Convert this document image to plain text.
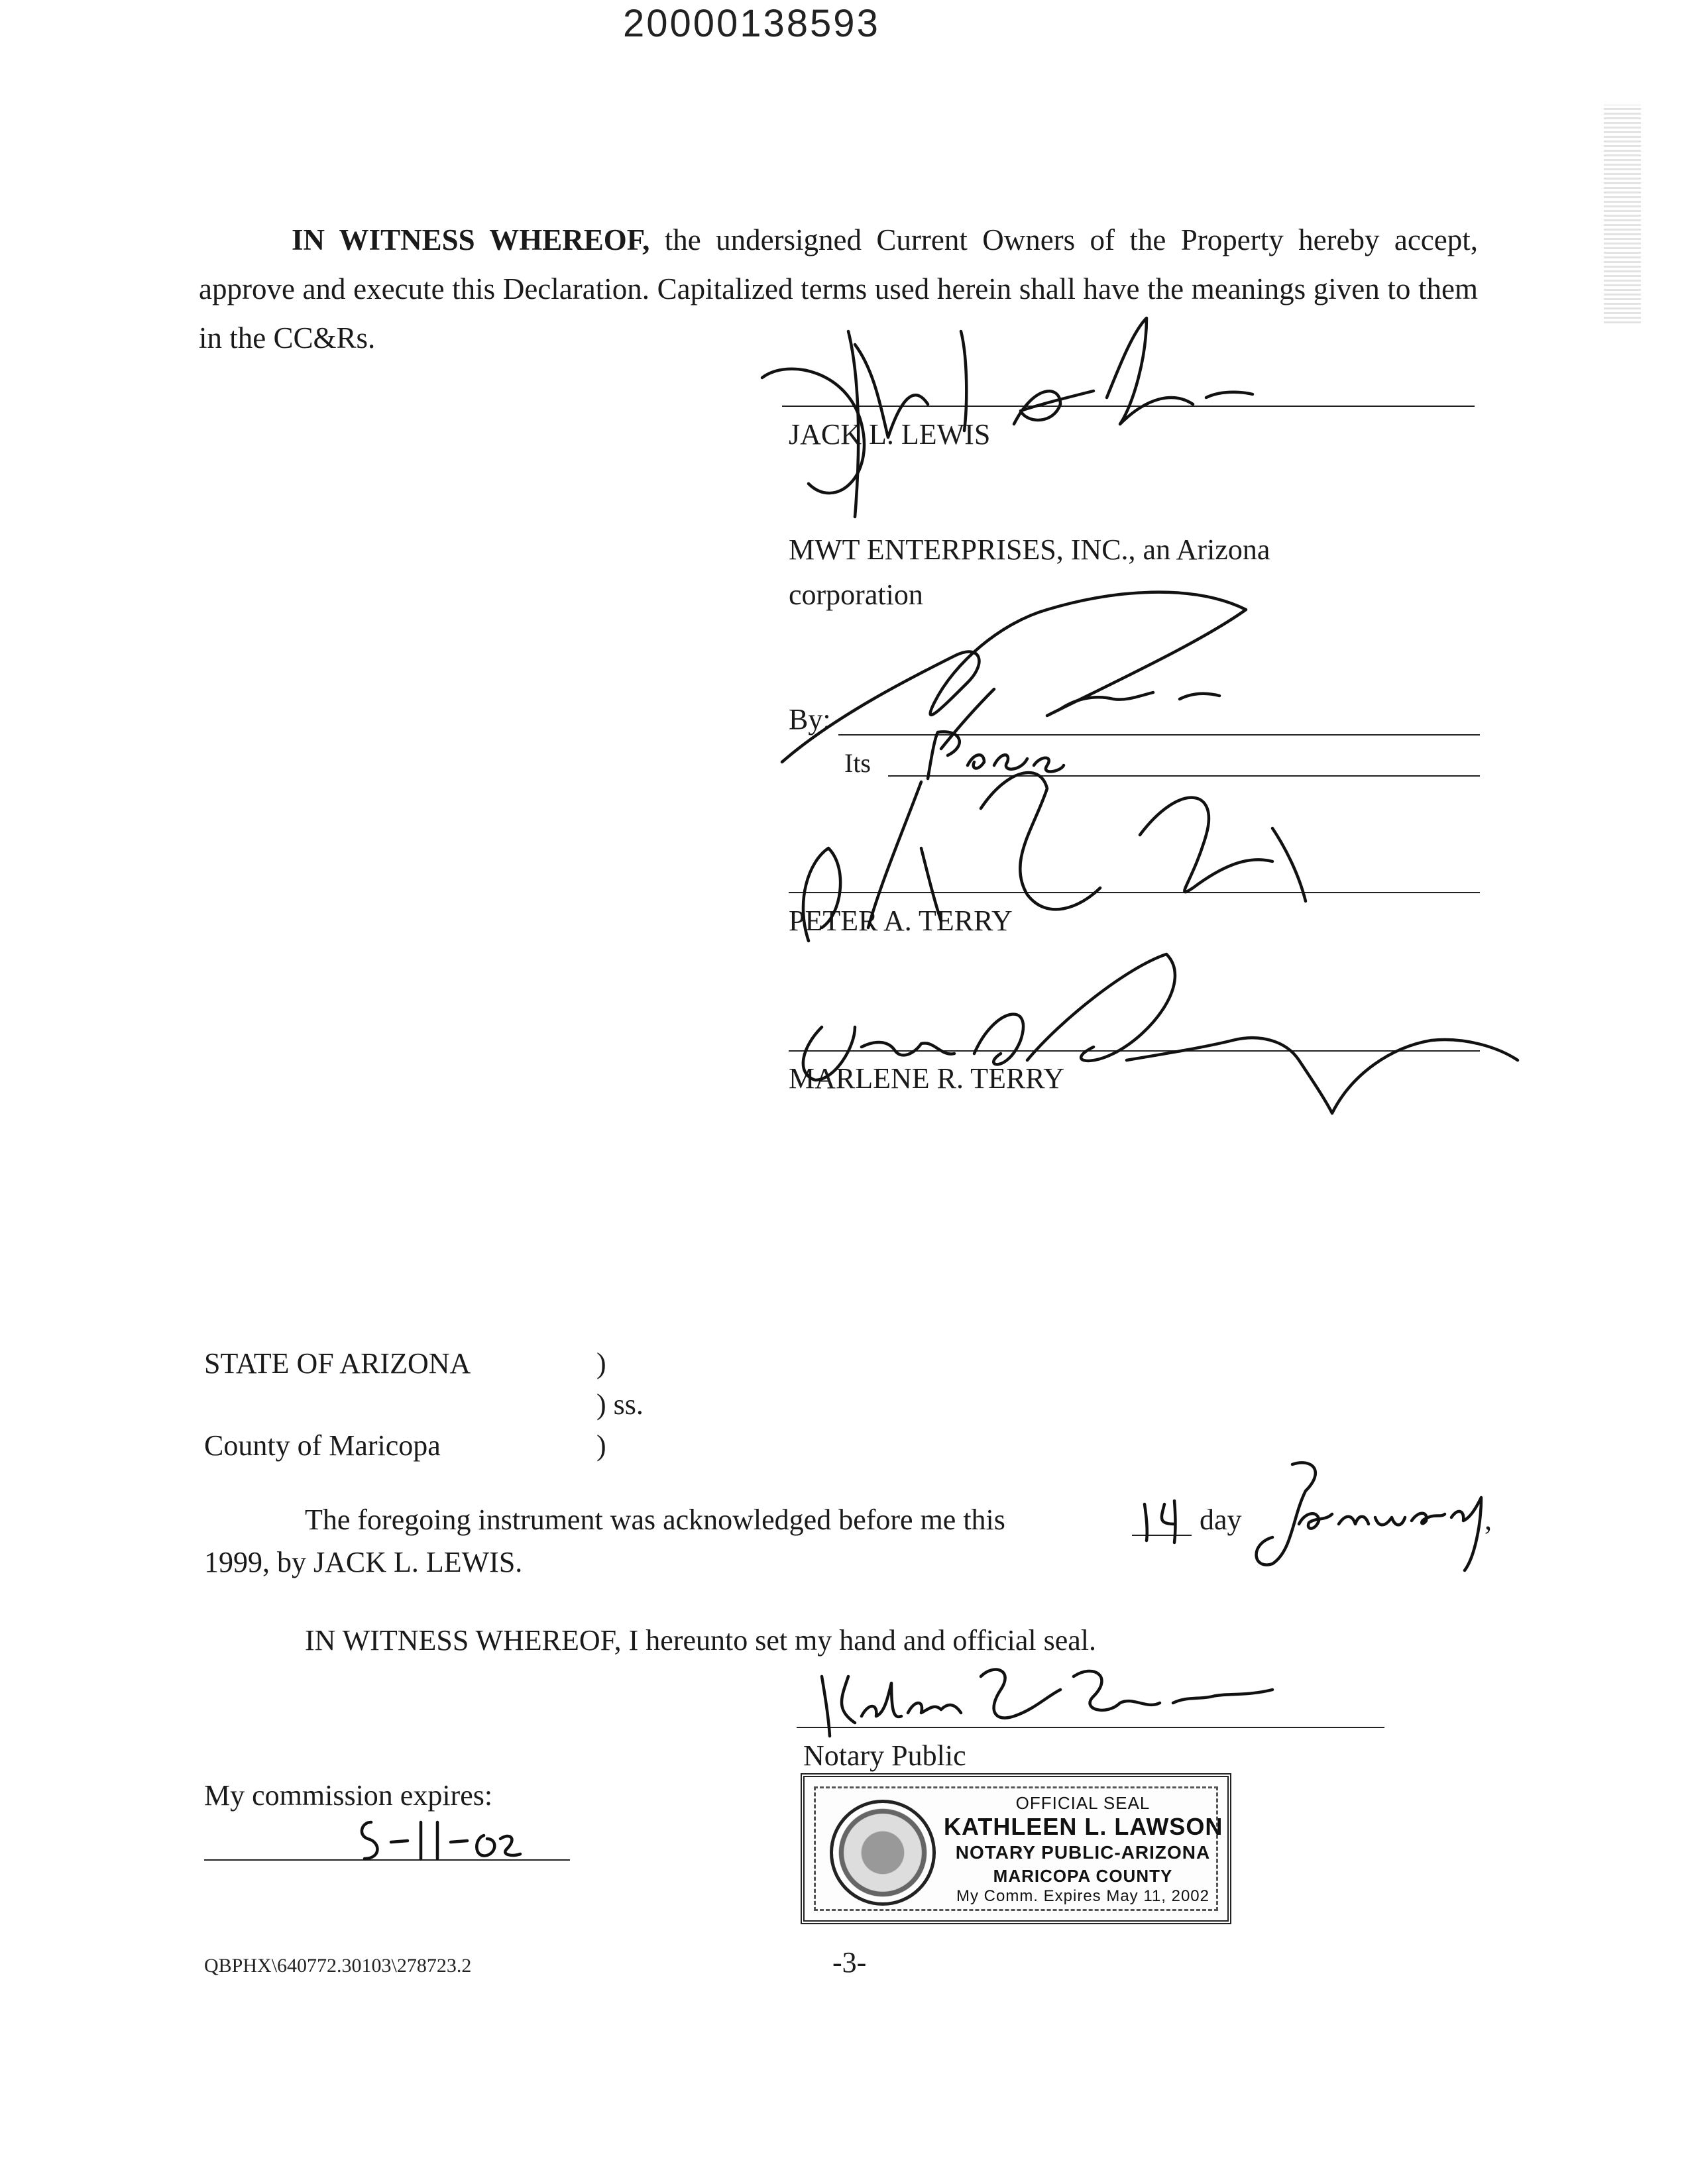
20000138593
IN WITNESS WHEREOF, the undersigned Current Owners of the Property hereby accept, approve and execute this Declaration. Capitalized terms used herein shall have the meanings given to them in the CC&Rs.
JACK L. LEWIS
MWT ENTERPRISES, INC., an Arizona
corporation
By:
Its
PETER A. TERRY
MARLENE R. TERRY
STATE OF ARIZONA	)
) ss.
County of Maricopa	)
The foregoing instrument was acknowledged before me this	day	,
1999, by JACK L. LEWIS.
IN WITNESS WHEREOF, I hereunto set my hand and official seal.
Notary Public
My commission expires:	OFFICIAL SEAL
KATHLEEN L. LAWSON
NOTARY PUBLIC-ARIZONA
MARICOPA COUNTY
My Comm. Expires May 11, 2002
QBPHX\640772.30103\278723.2	-3-
